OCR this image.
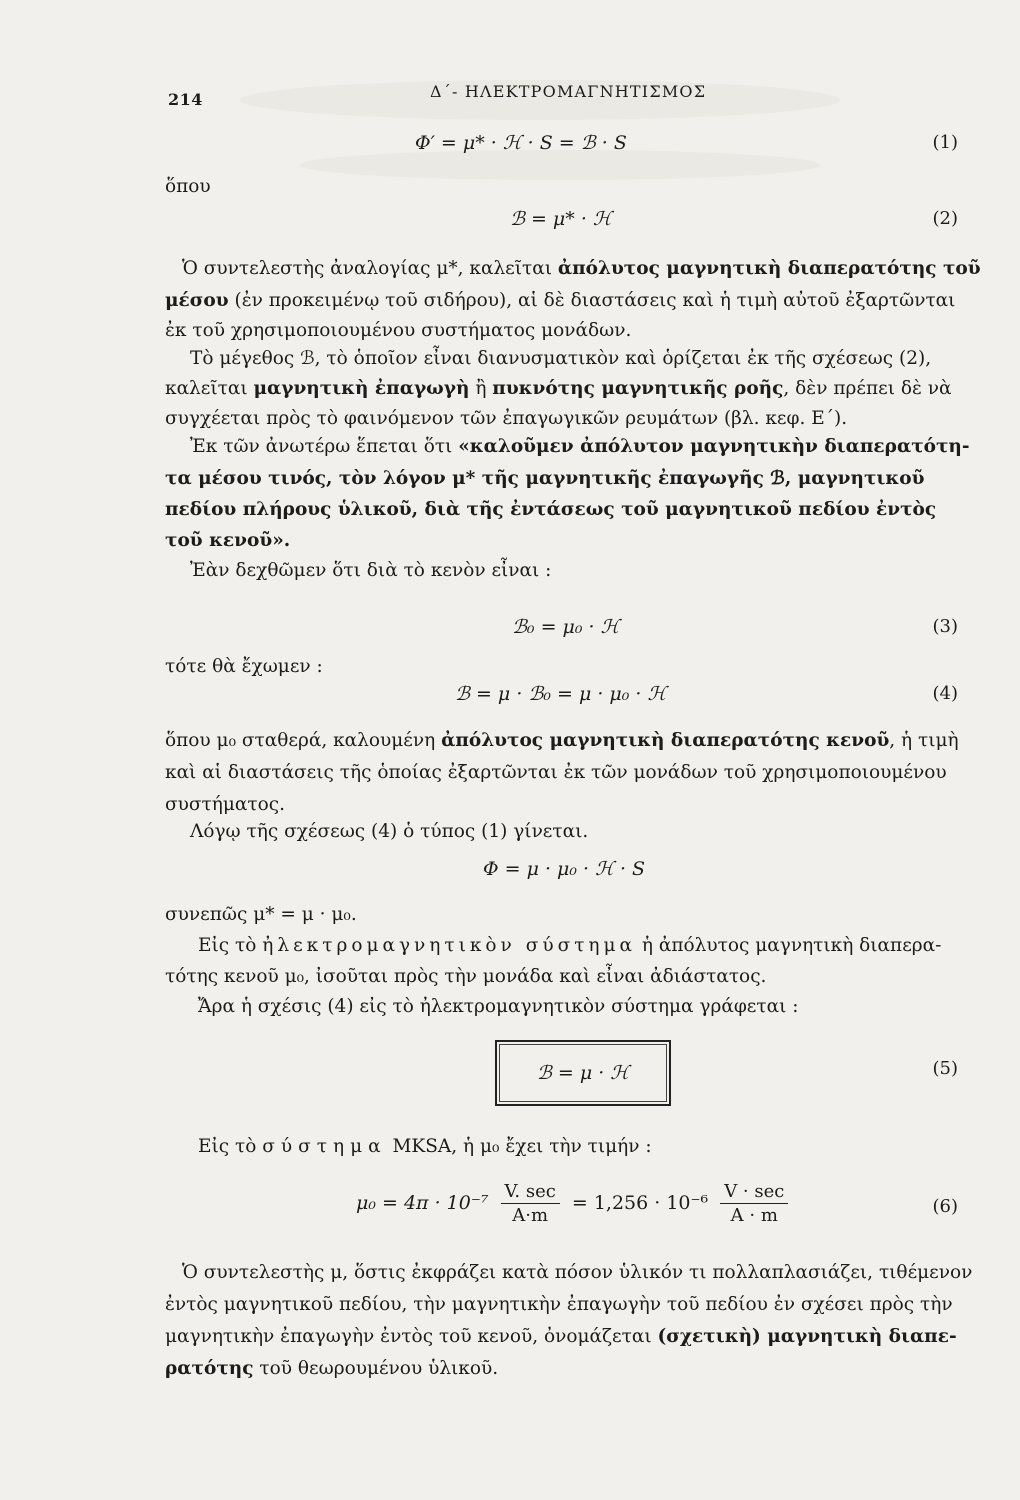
214	Δ΄- ΗΛΕΚΤΡΟΜΑΓΝΗΤΙΣΜΟΣ
Φ′ = μ* · ℋ · S = ℬ · S	(1)
ὅπου
ℬ = μ* · ℋ	(2)
Ὁ συντελεστὴς ἀναλογίας μ*, καλεῖται ἀπόλυτος μαγνητικὴ διαπερατότης τοῦ
μέσου (ἐν προκειμένῳ τοῦ σιδήρου), αἱ δὲ διαστάσεις καὶ ἡ τιμὴ αὐτοῦ ἐξαρτῶνται
ἐκ τοῦ χρησιμοποιουμένου συστήματος μονάδων.
Τὸ μέγεθος ℬ, τὸ ὁποῖον εἶναι διανυσματικὸν καὶ ὁρίζεται ἐκ τῆς σχέσεως (2),
καλεῖται μαγνητικὴ ἐπαγωγὴ ἢ πυκνότης μαγνητικῆς ροῆς, δὲν πρέπει δὲ νὰ
συγχέεται πρὸς τὸ φαινόμενον τῶν ἐπαγωγικῶν ρευμάτων (βλ. κεφ. Ε΄).
Ἐκ τῶν ἀνωτέρω ἕπεται ὅτι «καλοῦμεν ἀπόλυτον μαγνητικὴν διαπερατότη-
τα μέσου τινός, τὸν λόγον μ* τῆς μαγνητικῆς ἐπαγωγῆς ℬ, μαγνητικοῦ
πεδίου πλήρους ὑλικοῦ, διὰ τῆς ἐντάσεως τοῦ μαγνητικοῦ πεδίου ἐντὸς
τοῦ κενοῦ».
Ἐὰν δεχθῶμεν ὅτι διὰ τὸ κενὸν εἶναι :
ℬ₀ = μ₀ · ℋ	(3)
τότε θὰ ἔχωμεν :
ℬ = μ · ℬ₀ = μ · μ₀ · ℋ	(4)
ὅπου μ₀ σταθερά, καλουμένη ἀπόλυτος μαγνητικὴ διαπερατότης κενοῦ, ἡ τιμὴ
καὶ αἱ διαστάσεις τῆς ὁποίας ἐξαρτῶνται ἐκ τῶν μονάδων τοῦ χρησιμοποιουμένου
συστήματος.
Λόγῳ τῆς σχέσεως (4) ὁ τύπος (1) γίνεται.
Φ = μ · μ₀ · ℋ · S
συνεπῶς μ* = μ · μ₀.
Εἰς τὸ ἠλεκτρομαγνητικὸν σύστημα ἡ ἀπόλυτος μαγνητικὴ διαπερα-
τότης κενοῦ μ₀, ἰσοῦται πρὸς τὴν μονάδα καὶ εἶναι ἀδιάστατος.
Ἄρα ἡ σχέσις (4) εἰς τὸ ἠλεκτρομαγνητικὸν σύστημα γράφεται :
ℬ = μ · ℋ	(5)
Εἰς τὸ σύστημα MKSA, ἡ μ₀ ἔχει τὴν τιμήν :
$\mu_0 = 4\pi \cdot 10^{-7} \frac{V. \sec}{A\cdot m} = 1,256 \cdot 10^{-6} \frac{V \cdot \sec}{A \cdot m}$	(6)
Ὁ συντελεστὴς μ, ὅστις ἐκφράζει κατὰ πόσον ὑλικόν τι πολλαπλασιάζει, τιθέμενον
ἐντὸς μαγνητικοῦ πεδίου, τὴν μαγνητικὴν ἐπαγωγὴν τοῦ πεδίου ἐν σχέσει πρὸς τὴν
μαγνητικὴν ἐπαγωγὴν ἐντὸς τοῦ κενοῦ, ὀνομάζεται (σχετικὴ) μαγνητικὴ διαπε-
ρατότης τοῦ θεωρουμένου ὑλικοῦ.
